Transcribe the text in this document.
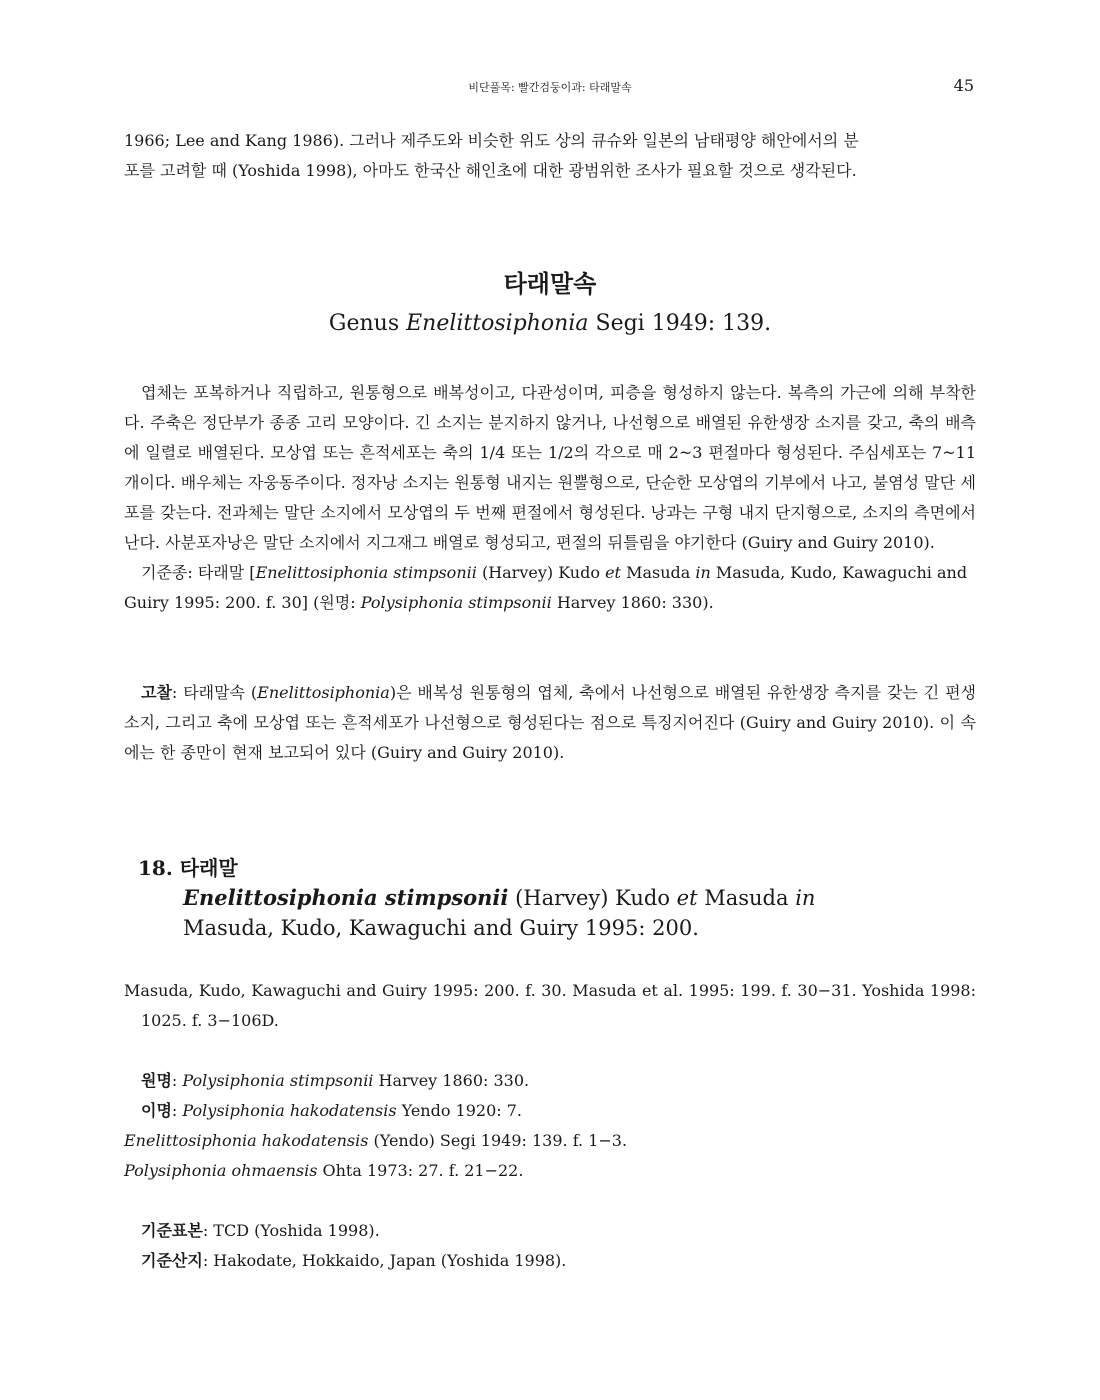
비단풀목: 빨간검둥이과: 타래말속	45

1966; Lee and Kang 1986). 그러나 제주도와 비슷한 위도 상의 큐슈와 일본의 남태평양 해안에서의 분

포를 고려할 때 (Yoshida 1998), 아마도 한국산 해인초에 대한 광범위한 조사가 필요할 것으로 생각된다.

타래말속

Genus Enelittosiphonia Segi 1949: 139.

엽체는 포복하거나 직립하고, 원통형으로 배복성이고, 다관성이며, 피층을 형성하지 않는다. 복측의 가근에 의해 부착한다. 주축은 정단부가 종종 고리 모양이다. 긴 소지는 분지하지 않거나, 나선형으로 배열된 유한생장 소지를 갖고, 축의 배측에 일렬로 배열된다. 모상엽 또는 흔적세포는 축의 1/4 또는 1/2의 각으로 매 2~3 편절마다 형성된다. 주심세포는 7~11개이다. 배우체는 자웅동주이다. 정자낭 소지는 원통형 내지는 원뿔형으로, 단순한 모상엽의 기부에서 나고, 불염성 말단 세포를 갖는다. 전과체는 말단 소지에서 모상엽의 두 번째 편절에서 형성된다. 낭과는 구형 내지 단지형으로, 소지의 측면에서 난다. 사분포자낭은 말단 소지에서 지그재그 배열로 형성되고, 편절의 뒤틀림을 야기한다 (Guiry and Guiry 2010).

기준종: 타래말 [Enelittosiphonia stimpsonii (Harvey) Kudo et Masuda in Masuda, Kudo, Kawaguchi and Guiry 1995: 200. f. 30] (원명: Polysiphonia stimpsonii Harvey 1860: 330).

고찰: 타래말속 (Enelittosiphonia)은 배복성 원통형의 엽체, 축에서 나선형으로 배열된 유한생장 측지를 갖는 긴 편생 소지, 그리고 축에 모상엽 또는 흔적세포가 나선형으로 형성된다는 점으로 특징지어진다 (Guiry and Guiry 2010). 이 속에는 한 종만이 현재 보고되어 있다 (Guiry and Guiry 2010).

18. 타래말
Enelittosiphonia stimpsonii (Harvey) Kudo et Masuda in
Masuda, Kudo, Kawaguchi and Guiry 1995: 200.

Masuda, Kudo, Kawaguchi and Guiry 1995: 200. f. 30. Masuda et al. 1995: 199. f. 30−31. Yoshida 1998: 1025. f. 3−106D.

원명: Polysiphonia stimpsonii Harvey 1860: 330.

이명: Polysiphonia hakodatensis Yendo 1920: 7.

Enelittosiphonia hakodatensis (Yendo) Segi 1949: 139. f. 1−3.

Polysiphonia ohmaensis Ohta 1973: 27. f. 21−22.

기준표본: TCD (Yoshida 1998).

기준산지: Hakodate, Hokkaido, Japan (Yoshida 1998).
